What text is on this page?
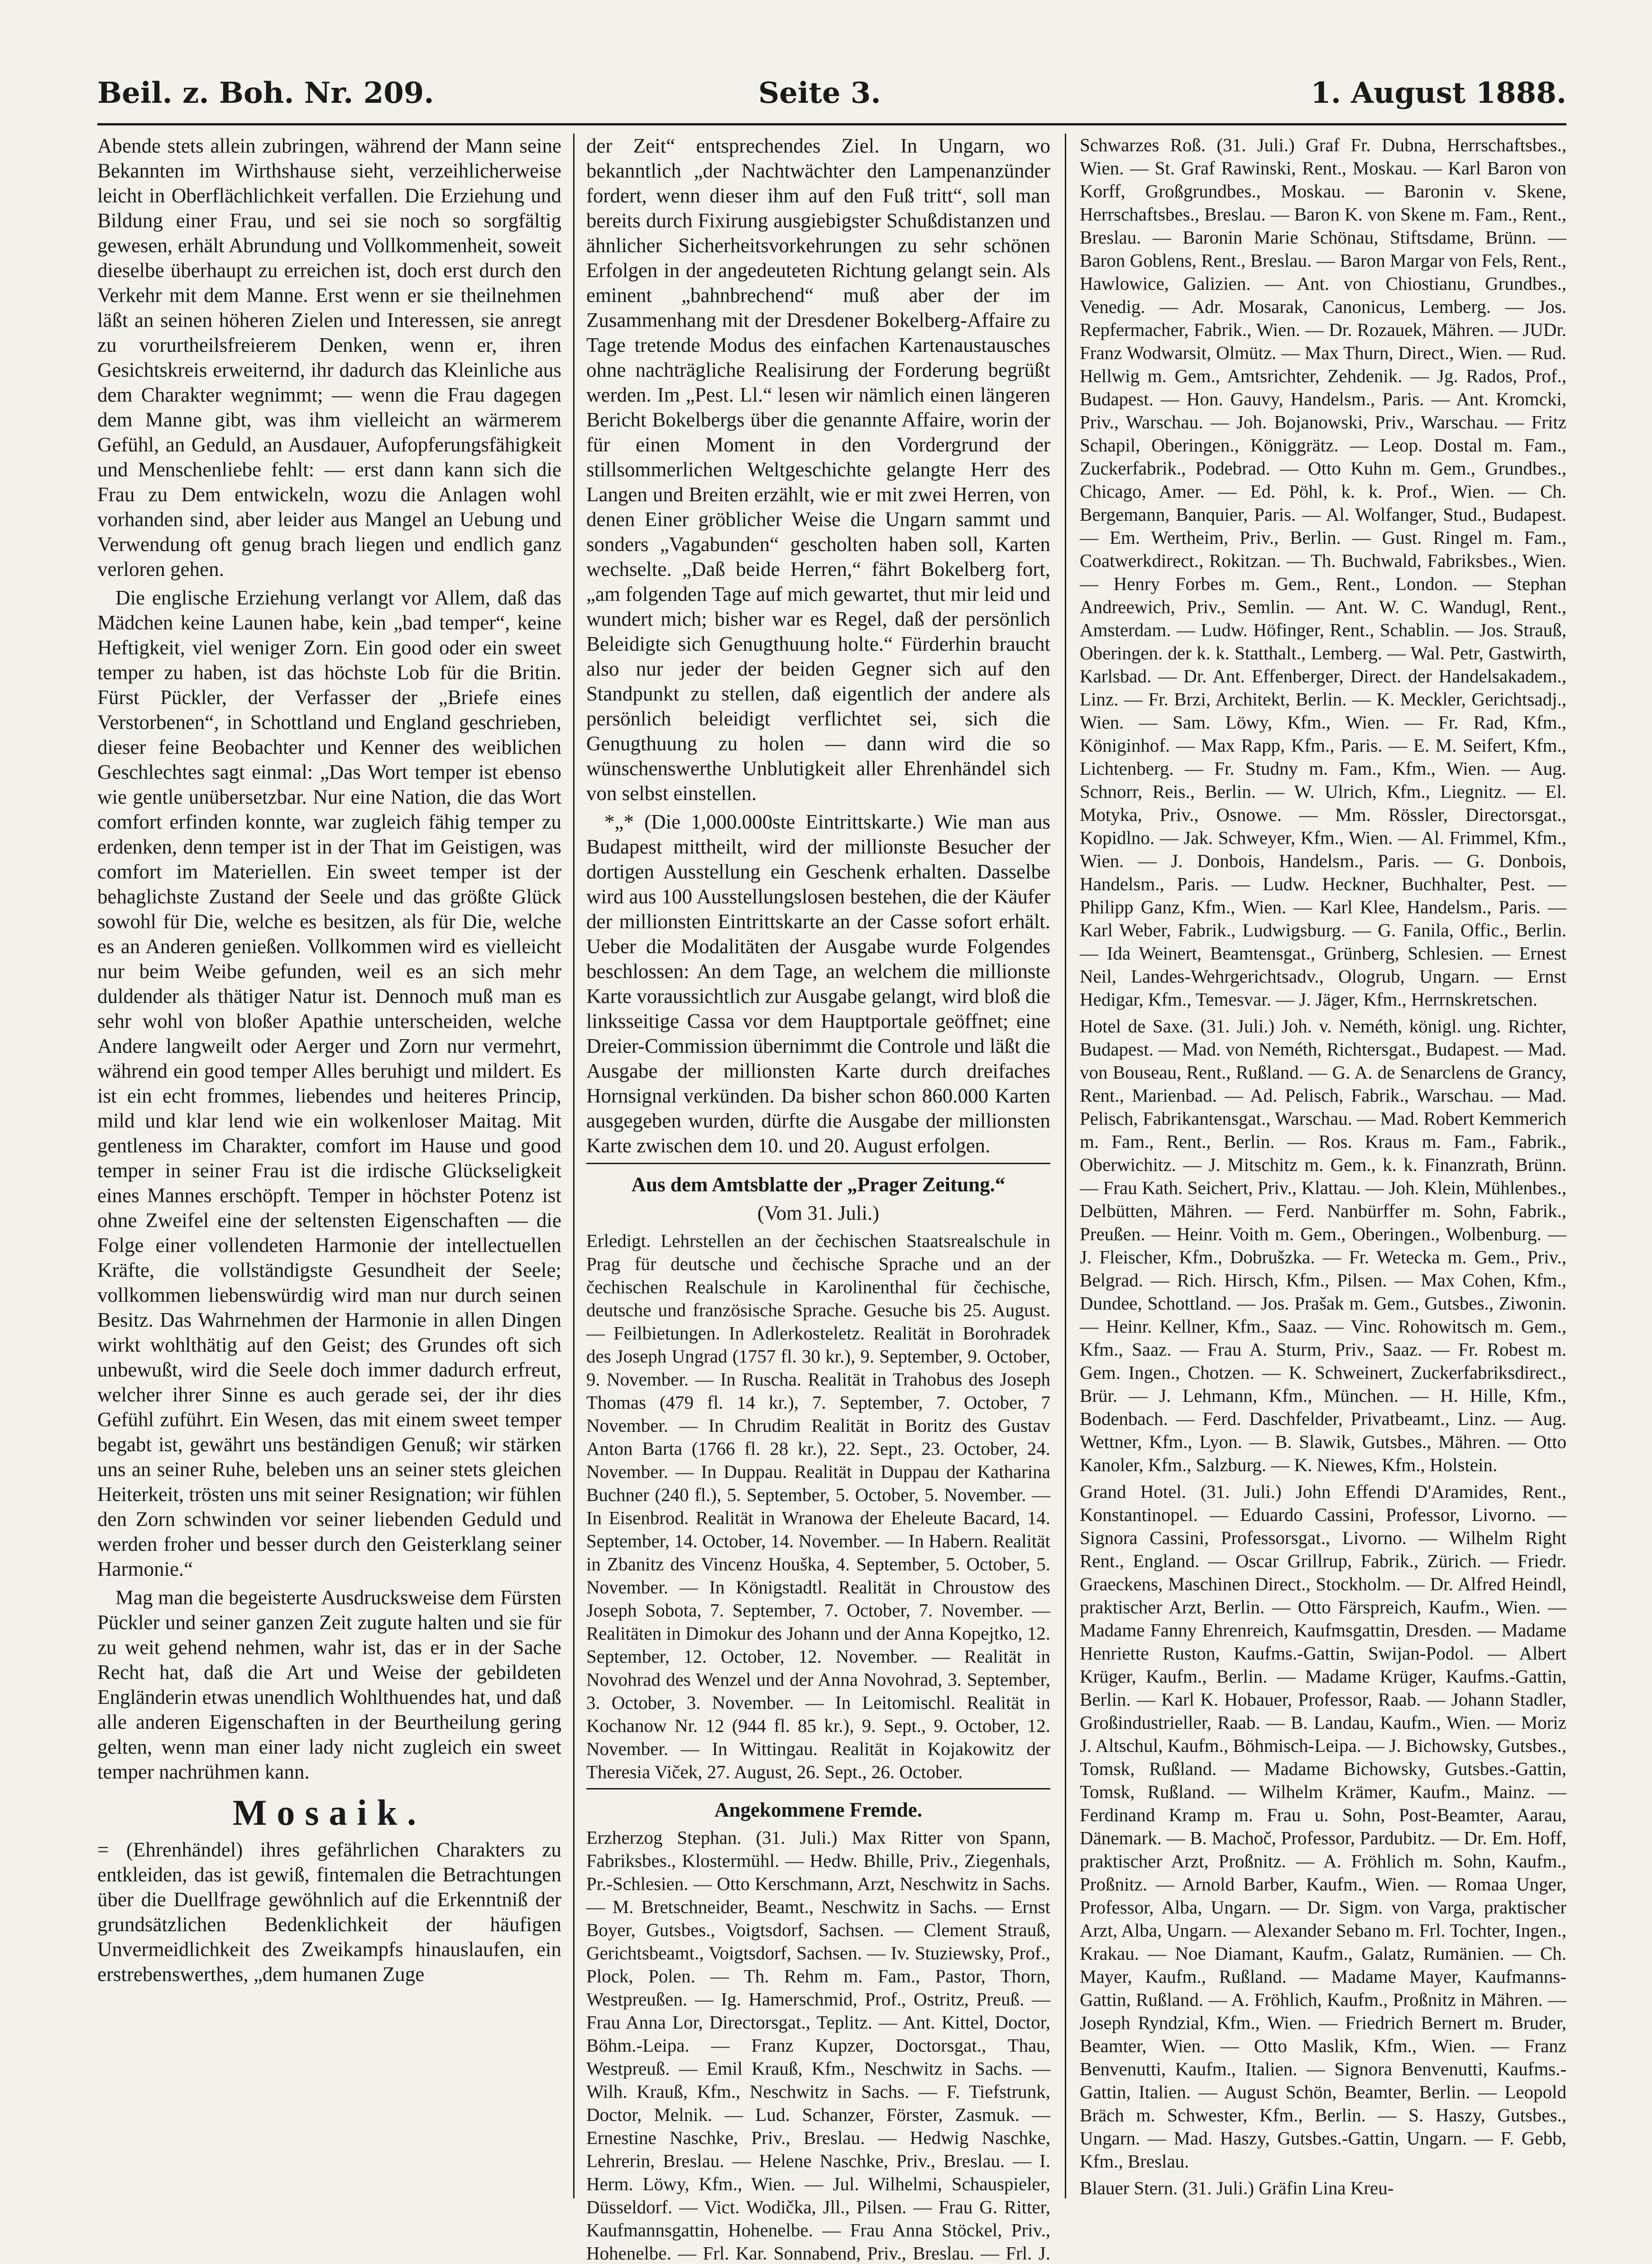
Beil. z. Boh. Nr. 209.	Seite 3.	1. August 1888.

Abende stets allein zubringen, während der Mann seine Bekannten im Wirthshause sieht, verzeihlicherweise leicht in Oberflächlichkeit verfallen. Die Erziehung und Bildung einer Frau, und sei sie noch so sorgfältig gewesen, erhält Abrundung und Vollkommenheit, soweit dieselbe überhaupt zu erreichen ist, doch erst durch den Verkehr mit dem Manne. Erst wenn er sie theilnehmen läßt an seinen höheren Zielen und Interessen, sie anregt zu vorurtheilsfreierem Denken, wenn er, ihren Gesichtskreis erweiternd, ihr dadurch das Kleinliche aus dem Charakter wegnimmt; — wenn die Frau dagegen dem Manne gibt, was ihm vielleicht an wärmerem Gefühl, an Geduld, an Ausdauer, Aufopferungsfähigkeit und Menschenliebe fehlt: — erst dann kann sich die Frau zu Dem entwickeln, wozu die Anlagen wohl vorhanden sind, aber leider aus Mangel an Uebung und Verwendung oft genug brach liegen und endlich ganz verloren gehen.

Die englische Erziehung verlangt vor Allem, daß das Mädchen keine Launen habe, kein „bad temper“, keine Heftigkeit, viel weniger Zorn. Ein good oder ein sweet temper zu haben, ist das höchste Lob für die Britin. Fürst Pückler, der Verfasser der „Briefe eines Verstorbenen“, in Schottland und England geschrieben, dieser feine Beobachter und Kenner des weiblichen Geschlechtes sagt einmal: „Das Wort temper ist ebenso wie gentle unübersetzbar. Nur eine Nation, die das Wort comfort erfinden konnte, war zugleich fähig temper zu erdenken, denn temper ist in der That im Geistigen, was comfort im Materiellen. Ein sweet temper ist der behaglichste Zustand der Seele und das größte Glück sowohl für Die, welche es besitzen, als für Die, welche es an Anderen genießen. Vollkommen wird es vielleicht nur beim Weibe gefunden, weil es an sich mehr duldender als thätiger Natur ist. Dennoch muß man es sehr wohl von bloßer Apathie unterscheiden, welche Andere langweilt oder Aerger und Zorn nur vermehrt, während ein good temper Alles beruhigt und mildert. Es ist ein echt frommes, liebendes und heiteres Princip, mild und klar lend wie ein wolkenloser Maitag. Mit gentleness im Charakter, comfort im Hause und good temper in seiner Frau ist die irdische Glückseligkeit eines Mannes erschöpft. Temper in höchster Potenz ist ohne Zweifel eine der seltensten Eigenschaften — die Folge einer vollendeten Harmonie der intellectuellen Kräfte, die vollständigste Gesundheit der Seele; vollkommen liebenswürdig wird man nur durch seinen Besitz. Das Wahrnehmen der Harmonie in allen Dingen wirkt wohlthätig auf den Geist; des Grundes oft sich unbewußt, wird die Seele doch immer dadurch erfreut, welcher ihrer Sinne es auch gerade sei, der ihr dies Gefühl zuführt. Ein Wesen, das mit einem sweet temper begabt ist, gewährt uns beständigen Genuß; wir stärken uns an seiner Ruhe, beleben uns an seiner stets gleichen Heiterkeit, trösten uns mit seiner Resignation; wir fühlen den Zorn schwinden vor seiner liebenden Geduld und werden froher und besser durch den Geisterklang seiner Harmonie.“

Mag man die begeisterte Ausdrucksweise dem Fürsten Pückler und seiner ganzen Zeit zugute halten und sie für zu weit gehend nehmen, wahr ist, das er in der Sache Recht hat, daß die Art und Weise der gebildeten Engländerin etwas unendlich Wohlthuendes hat, und daß alle anderen Eigenschaften in der Beurtheilung gering gelten, wenn man einer lady nicht zugleich ein sweet temper nachrühmen kann.

Mosaik.

= (Ehrenhändel) ihres gefährlichen Charakters zu entkleiden, das ist gewiß, fintemalen die Betrachtungen über die Duellfrage gewöhnlich auf die Erkenntniß der grundsätzlichen Bedenklichkeit der häufigen Unvermeidlichkeit des Zweikampfs hinauslaufen, ein erstrebenswerthes, „dem humanen Zuge

der Zeit“ entsprechendes Ziel. In Ungarn, wo bekanntlich „der Nachtwächter den Lampenanzünder fordert, wenn dieser ihm auf den Fuß tritt“, soll man bereits durch Fixirung ausgiebigster Schußdistanzen und ähnlicher Sicherheitsvorkehrungen zu sehr schönen Erfolgen in der angedeuteten Richtung gelangt sein. Als eminent „bahnbrechend“ muß aber der im Zusammenhang mit der Dresdener Bokelberg-Affaire zu Tage tretende Modus des einfachen Kartenaustausches ohne nachträgliche Realisirung der Forderung begrüßt werden. Im „Pest. Ll.“ lesen wir nämlich einen längeren Bericht Bokelbergs über die genannte Affaire, worin der für einen Moment in den Vordergrund der stillsommerlichen Weltgeschichte gelangte Herr des Langen und Breiten erzählt, wie er mit zwei Herren, von denen Einer gröblicher Weise die Ungarn sammt und sonders „Vagabunden“ gescholten haben soll, Karten wechselte. „Daß beide Herren,“ fährt Bokelberg fort, „am folgenden Tage auf mich gewartet, thut mir leid und wundert mich; bisher war es Regel, daß der persönlich Beleidigte sich Genugthuung holte.“ Fürderhin braucht also nur jeder der beiden Gegner sich auf den Standpunkt zu stellen, daß eigentlich der andere als persönlich beleidigt verflichtet sei, sich die Genugthuung zu holen — dann wird die so wünschenswerthe Unblutigkeit aller Ehrenhändel sich von selbst einstellen.

*„* (Die 1,000.000ste Eintrittskarte.) Wie man aus Budapest mittheilt, wird der millionste Besucher der dortigen Ausstellung ein Geschenk erhalten. Dasselbe wird aus 100 Ausstellungslosen bestehen, die der Käufer der millionsten Eintrittskarte an der Casse sofort erhält. Ueber die Modalitäten der Ausgabe wurde Folgendes beschlossen: An dem Tage, an welchem die millionste Karte voraussichtlich zur Ausgabe gelangt, wird bloß die linksseitige Cassa vor dem Hauptportale geöffnet; eine Dreier-Commission übernimmt die Controle und läßt die Ausgabe der millionsten Karte durch dreifaches Hornsignal verkünden. Da bisher schon 860.000 Karten ausgegeben wurden, dürfte die Ausgabe der millionsten Karte zwischen dem 10. und 20. August erfolgen.

Aus dem Amtsblatte der „Prager Zeitung.“
(Vom 31. Juli.)

Erledigt. Lehrstellen an der čechischen Staatsrealschule in Prag für deutsche und čechische Sprache und an der čechischen Realschule in Karolinenthal für čechische, deutsche und französische Sprache. Gesuche bis 25. August. — Feilbietungen. In Adlerkosteletz. Realität in Borohradek des Joseph Ungrad (1757 fl. 30 kr.), 9. September, 9. October, 9. November. — In Ruscha. Realität in Trahobus des Joseph Thomas (479 fl. 14 kr.), 7. September, 7. October, 7 November. — In Chrudim Realität in Boritz des Gustav Anton Barta (1766 fl. 28 kr.), 22. Sept., 23. October, 24. November. — In Duppau. Realität in Duppau der Katharina Buchner (240 fl.), 5. September, 5. October, 5. November. — In Eisenbrod. Realität in Wranowa der Eheleute Bacard, 14. September, 14. October, 14. November. — In Habern. Realität in Zbanitz des Vincenz Houška, 4. September, 5. October, 5. November. — In Königstadtl. Realität in Chroustow des Joseph Sobota, 7. September, 7. October, 7. November. — Realitäten in Dimokur des Johann und der Anna Kopejtko, 12. September, 12. October, 12. November. — Realität in Novohrad des Wenzel und der Anna Novohrad, 3. September, 3. October, 3. November. — In Leitomischl. Realität in Kochanow Nr. 12 (944 fl. 85 kr.), 9. Sept., 9. October, 12. November. — In Wittingau. Realität in Kojakowitz der Theresia Viček, 27. August, 26. Sept., 26. October.

Angekommene Fremde.

Erzherzog Stephan. (31. Juli.) Max Ritter von Spann, Fabriksbes., Klostermühl. — Hedw. Bhille, Priv., Ziegenhals, Pr.-Schlesien. — Otto Kerschmann, Arzt, Neschwitz in Sachs. — M. Bretschneider, Beamt., Neschwitz in Sachs. — Ernst Boyer, Gutsbes., Voigtsdorf, Sachsen. — Clement Strauß, Gerichtsbeamt., Voigtsdorf, Sachsen. — Iv. Stuziewsky, Prof., Plock, Polen. — Th. Rehm m. Fam., Pastor, Thorn, Westpreußen. — Ig. Hamerschmid, Prof., Ostritz, Preuß. — Frau Anna Lor, Directorsgat., Teplitz. — Ant. Kittel, Doctor, Böhm.-Leipa. — Franz Kupzer, Doctorsgat., Thau, Westpreuß. — Emil Krauß, Kfm., Neschwitz in Sachs. — Wilh. Krauß, Kfm., Neschwitz in Sachs. — F. Tiefstrunk, Doctor, Melnik. — Lud. Schanzer, Förster, Zasmuk. — Ernestine Naschke, Priv., Breslau. — Hedwig Naschke, Lehrerin, Breslau. — Helene Naschke, Priv., Breslau. — I. Herm. Löwy, Kfm., Wien. — Jul. Wilhelmi, Schauspieler, Düsseldorf. — Vict. Wodička, Jll., Pilsen. — Frau G. Ritter, Kaufmannsgattin, Hohenelbe. — Frau Anna Stöckel, Priv., Hohenelbe. — Frl. Kar. Sonnabend, Priv., Breslau. — Frl. J.

Schwarzes Roß. (31. Juli.) Graf Fr. Dubna, Herrschaftsbes., Wien. — St. Graf Rawinski, Rent., Moskau. — Karl Baron von Korff, Großgrundbes., Moskau. — Baronin v. Skene, Herrschaftsbes., Breslau. — Baron K. von Skene m. Fam., Rent., Breslau. — Baronin Marie Schönau, Stiftsdame, Brünn. — Baron Goblens, Rent., Breslau. — Baron Margar von Fels, Rent., Hawlowice, Galizien. — Ant. von Chiostianu, Grundbes., Venedig. — Adr. Mosarak, Canonicus, Lemberg. — Jos. Repfermacher, Fabrik., Wien. — Dr. Rozauek, Mähren. — JUDr. Franz Wodwarsit, Olmütz. — Max Thurn, Direct., Wien. — Rud. Hellwig m. Gem., Amtsrichter, Zehdenik. — Jg. Rados, Prof., Budapest. — Hon. Gauvy, Handelsm., Paris. — Ant. Kromcki, Priv., Warschau. — Joh. Bojanowski, Priv., Warschau. — Fritz Schapil, Oberingen., Königgrätz. — Leop. Dostal m. Fam., Zuckerfabrik., Podebrad. — Otto Kuhn m. Gem., Grundbes., Chicago, Amer. — Ed. Pöhl, k. k. Prof., Wien. — Ch. Bergemann, Banquier, Paris. — Al. Wolfanger, Stud., Budapest. — Em. Wertheim, Priv., Berlin. — Gust. Ringel m. Fam., Coatwerkdirect., Rokitzan. — Th. Buchwald, Fabriksbes., Wien. — Henry Forbes m. Gem., Rent., London. — Stephan Andreewich, Priv., Semlin. — Ant. W. C. Wandugl, Rent., Amsterdam. — Ludw. Höfinger, Rent., Schablin. — Jos. Strauß, Oberingen. der k. k. Statthalt., Lemberg. — Wal. Petr, Gastwirth, Karlsbad. — Dr. Ant. Effenberger, Direct. der Handelsakadem., Linz. — Fr. Brzi, Architekt, Berlin. — K. Meckler, Gerichtsadj., Wien. — Sam. Löwy, Kfm., Wien. — Fr. Rad, Kfm., Königinhof. — Max Rapp, Kfm., Paris. — E. M. Seifert, Kfm., Lichtenberg. — Fr. Studny m. Fam., Kfm., Wien. — Aug. Schnorr, Reis., Berlin. — W. Ulrich, Kfm., Liegnitz. — El. Motyka, Priv., Osnowe. — Mm. Rössler, Directorsgat., Kopidlno. — Jak. Schweyer, Kfm., Wien. — Al. Frimmel, Kfm., Wien. — J. Donbois, Handelsm., Paris. — G. Donbois, Handelsm., Paris. — Ludw. Heckner, Buchhalter, Pest. — Philipp Ganz, Kfm., Wien. — Karl Klee, Handelsm., Paris. — Karl Weber, Fabrik., Ludwigsburg. — G. Fanila, Offic., Berlin. — Ida Weinert, Beamtensgat., Grünberg, Schlesien. — Ernest Neil, Landes-Wehrgerichtsadv., Ologrub, Ungarn. — Ernst Hedigar, Kfm., Temesvar. — J. Jäger, Kfm., Herrnskretschen.

Hotel de Saxe. (31. Juli.) Joh. v. Neméth, königl. ung. Richter, Budapest. — Mad. von Neméth, Richtersgat., Budapest. — Mad. von Bouseau, Rent., Rußland. — G. A. de Senarclens de Grancy, Rent., Marienbad. — Ad. Pelisch, Fabrik., Warschau. — Mad. Pelisch, Fabrikantensgat., Warschau. — Mad. Robert Kemmerich m. Fam., Rent., Berlin. — Ros. Kraus m. Fam., Fabrik., Oberwichitz. — J. Mitschitz m. Gem., k. k. Finanzrath, Brünn. — Frau Kath. Seichert, Priv., Klattau. — Joh. Klein, Mühlenbes., Delbütten, Mähren. — Ferd. Nanbürffer m. Sohn, Fabrik., Preußen. — Heinr. Voith m. Gem., Oberingen., Wolbenburg. — J. Fleischer, Kfm., Dobrušzka. — Fr. Wetecka m. Gem., Priv., Belgrad. — Rich. Hirsch, Kfm., Pilsen. — Max Cohen, Kfm., Dundee, Schottland. — Jos. Prašak m. Gem., Gutsbes., Ziwonin. — Heinr. Kellner, Kfm., Saaz. — Vinc. Rohowitsch m. Gem., Kfm., Saaz. — Frau A. Sturm, Priv., Saaz. — Fr. Robest m. Gem. Ingen., Chotzen. — K. Schweinert, Zuckerfabriksdirect., Brür. — J. Lehmann, Kfm., München. — H. Hille, Kfm., Bodenbach. — Ferd. Daschfelder, Privatbeamt., Linz. — Aug. Wettner, Kfm., Lyon. — B. Slawik, Gutsbes., Mähren. — Otto Kanoler, Kfm., Salzburg. — K. Niewes, Kfm., Holstein.

Grand Hotel. (31. Juli.) John Effendi D'Aramides, Rent., Konstantinopel. — Eduardo Cassini, Professor, Livorno. — Signora Cassini, Professorsgat., Livorno. — Wilhelm Right Rent., England. — Oscar Grillrup, Fabrik., Zürich. — Friedr. Graeckens, Maschinen Direct., Stockholm. — Dr. Alfred Heindl, praktischer Arzt, Berlin. — Otto Färspreich, Kaufm., Wien. — Madame Fanny Ehrenreich, Kaufmsgattin, Dresden. — Madame Henriette Ruston, Kaufms.-Gattin, Swijan-Podol. — Albert Krüger, Kaufm., Berlin. — Madame Krüger, Kaufms.-Gattin, Berlin. — Karl K. Hobauer, Professor, Raab. — Johann Stadler, Großindustrieller, Raab. — B. Landau, Kaufm., Wien. — Moriz J. Altschul, Kaufm., Böhmisch-Leipa. — J. Bichowsky, Gutsbes., Tomsk, Rußland. — Madame Bichowsky, Gutsbes.-Gattin, Tomsk, Rußland. — Wilhelm Krämer, Kaufm., Mainz. — Ferdinand Kramp m. Frau u. Sohn, Post-Beamter, Aarau, Dänemark. — B. Machoč, Professor, Pardubitz. — Dr. Em. Hoff, praktischer Arzt, Proßnitz. — A. Fröhlich m. Sohn, Kaufm., Proßnitz. — Arnold Barber, Kaufm., Wien. — Romaa Unger, Professor, Alba, Ungarn. — Dr. Sigm. von Varga, praktischer Arzt, Alba, Ungarn. — Alexander Sebano m. Frl. Tochter, Ingen., Krakau. — Noe Diamant, Kaufm., Galatz, Rumänien. — Ch. Mayer, Kaufm., Rußland. — Madame Mayer, Kaufmanns-Gattin, Rußland. — A. Fröhlich, Kaufm., Proßnitz in Mähren. — Joseph Ryndzial, Kfm., Wien. — Friedrich Bernert m. Bruder, Beamter, Wien. — Otto Maslik, Kfm., Wien. — Franz Benvenutti, Kaufm., Italien. — Signora Benvenutti, Kaufms.-Gattin, Italien. — August Schön, Beamter, Berlin. — Leopold Bräch m. Schwester, Kfm., Berlin. — S. Haszy, Gutsbes., Ungarn. — Mad. Haszy, Gutsbes.-Gattin, Ungarn. — F. Gebb, Kfm., Breslau.

Blauer Stern. (31. Juli.) Gräfin Lina Kreu-
